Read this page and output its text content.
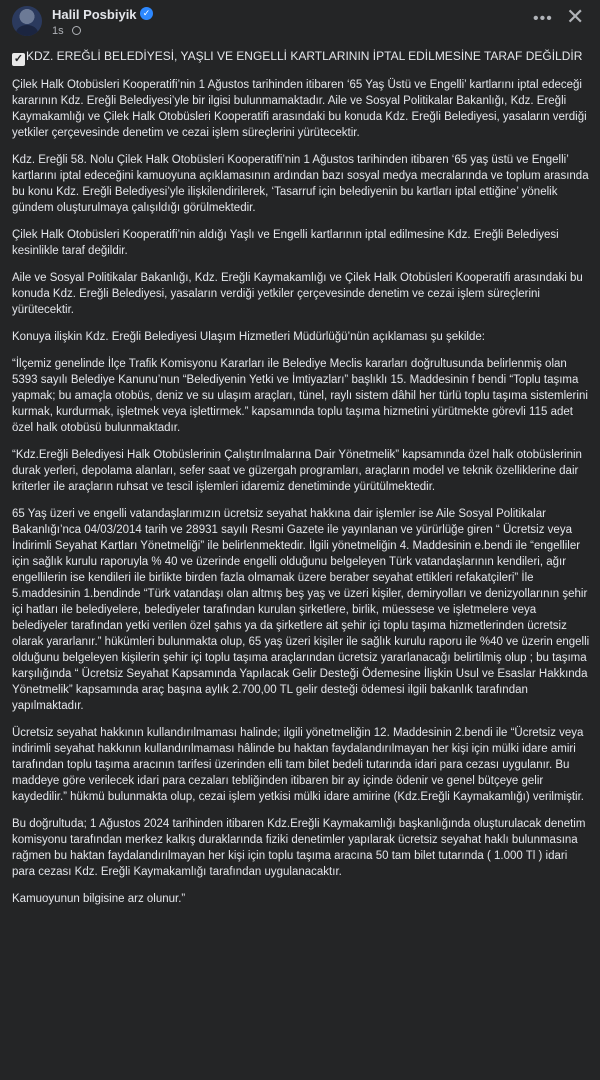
Halil Posbiyik ✓
1s
••• ✕
✓ KDZ. EREĞLİ BELEDİYESİ, YAŞLI VE ENGELLİ KARTLARININ İPTAL EDİLMESİNE TARAF DEĞİLDİR

Çilek Halk Otobüsleri Kooperatifi’nin 1 Ağustos tarihinden itibaren ‘65 Yaş Üstü ve Engelli’ kartlarını iptal edeceği kararının Kdz. Ereğli Belediyesi’yle bir ilgisi bulunmamaktadır. Aile ve Sosyal Politikalar Bakanlığı, Kdz. Ereğli Kaymakamlığı ve Çilek Halk Otobüsleri Kooperatifi arasındaki bu konuda Kdz. Ereğli Belediyesi, yasaların verdiği yetkiler çerçevesinde denetim ve cezai işlem süreçlerini yürütecektir.

Kdz. Ereğli 58. Nolu Çilek Halk Otobüsleri Kooperatifi’nin 1 Ağustos tarihinden itibaren ‘65 yaş üstü ve Engelli’ kartlarını iptal edeceğini kamuoyuna açıklamasının ardından bazı sosyal medya mecralarında ve toplum arasında bu konu Kdz. Ereğli Belediyesi’yle ilişkilendirilerek, ‘Tasarruf için belediyenin bu kartları iptal ettiğine’ yönelik gündem oluşturulmaya çalışıldığı görülmektedir.

Çilek Halk Otobüsleri Kooperatifi’nin aldığı Yaşlı ve Engelli kartlarının iptal edilmesine Kdz. Ereğli Belediyesi kesinlikle taraf değildir.

Aile ve Sosyal Politikalar Bakanlığı, Kdz. Ereğli Kaymakamlığı ve Çilek Halk Otobüsleri Kooperatifi arasındaki bu konuda Kdz. Ereğli Belediyesi, yasaların verdiği yetkiler çerçevesinde denetim ve cezai işlem süreçlerini yürütecektir.

Konuya ilişkin Kdz. Ereğli Belediyesi Ulaşım Hizmetleri Müdürlüğü’nün açıklaması şu şekilde:

“İlçemiz genelinde İlçe Trafik Komisyonu Kararları ile Belediye Meclis kararları doğrultusunda belirlenmiş olan 5393 sayılı Belediye Kanunu’nun “Belediyenin Yetki ve İmtiyazları” başlıklı 15. Maddesinin f bendi “Toplu taşıma yapmak; bu amaçla otobüs, deniz ve su ulaşım araçları, tünel, raylı sistem dâhil her türlü toplu taşıma sistemlerini kurmak, kurdurmak, işletmek veya işlettirmek.” kapsamında toplu taşıma hizmetini yürütmekte görevli 115 adet özel halk otobüsü bulunmaktadır.

“Kdz.Ereğli Belediyesi Halk Otobüslerinin Çalıştırılmalarına Dair Yönetmelik” kapsamında özel halk otobüslerinin durak yerleri, depolama alanları, sefer saat ve güzergah programları, araçların model ve teknik özelliklerine dair kriterler ile araçların ruhsat ve tescil işlemleri idaremiz denetiminde yürütülmektedir.

65 Yaş üzeri ve engelli vatandaşlarımızın ücretsiz seyahat hakkına dair işlemler ise Aile Sosyal Politikalar Bakanlığı’nca 04/03/2014 tarih ve 28931 sayılı Resmi Gazete ile yayınlanan ve yürürlüğe giren “ Ücretsiz veya İndirimli Seyahat Kartları Yönetmeliği” ile belirlenmektedir. İlgili yönetmeliğin 4. Maddesinin e.bendi ile “engelliler için sağlık kurulu raporuyla % 40 ve üzerinde engelli olduğunu belgeleyen Türk vatandaşlarının kendileri, ağır engellilerin ise kendileri ile birlikte birden fazla olmamak üzere beraber seyahat ettikleri refakatçileri” İle 5.maddesinin 1.bendinde “Türk vatandaşı olan altmış beş yaş ve üzeri kişiler, demiryolları ve denizyollarının şehir içi hatları ile belediyelere, belediyeler tarafından kurulan şirketlere, birlik, müessese ve işletmelere veya belediyeler tarafından yetki verilen özel şahıs ya da şirketlere ait şehir içi toplu taşıma hizmetlerinden ücretsiz olarak yararlanır.” hükümleri bulunmakta olup, 65 yaş üzeri kişiler ile sağlık kurulu raporu ile %40 ve üzerin engelli olduğunu belgeleyen kişilerin şehir içi toplu taşıma araçlarından ücretsiz yararlanacağı belirtilmiş olup ; bu taşıma karşılığında “ Ücretsiz Seyahat Kapsamında Yapılacak Gelir Desteği Ödemesine İlişkin Usul ve Esaslar Hakkında Yönetmelik” kapsamında araç başına aylık 2.700,00 TL gelir desteği ödemesi ilgili bakanlık tarafından yapılmaktadır.

Ücretsiz seyahat hakkının kullandırılmaması halinde; ilgili yönetmeliğin 12. Maddesinin 2.bendi ile “Ücretsiz veya indirimli seyahat hakkının kullandırılmaması hâlinde bu haktan faydalandırılmayan her kişi için mülki idare amiri tarafından toplu taşıma aracının tarifesi üzerinden elli tam bilet bedeli tutarında idari para cezası uygulanır. Bu maddeye göre verilecek idari para cezaları tebliğinden itibaren bir ay içinde ödenir ve genel bütçeye gelir kaydedilir.” hükmü bulunmakta olup, cezai işlem yetkisi mülki idare amirine (Kdz.Ereğli Kaymakamlığı) verilmiştir.

Bu doğrultuda; 1 Ağustos 2024 tarihinden itibaren Kdz.Ereğli Kaymakamlığı başkanlığında oluşturulacak denetim komisyonu tarafından merkez kalkış duraklarında fiziki denetimler yapılarak ücretsiz seyahat haklı bulunmasına rağmen bu haktan faydalandırılmayan her kişi için toplu taşıma aracına 50 tam bilet tutarında ( 1.000 Tl ) idari para cezası Kdz. Ereğli Kaymakamlığı tarafından uygulanacaktır.

Kamuoyunun bilgisine arz olunur.”
